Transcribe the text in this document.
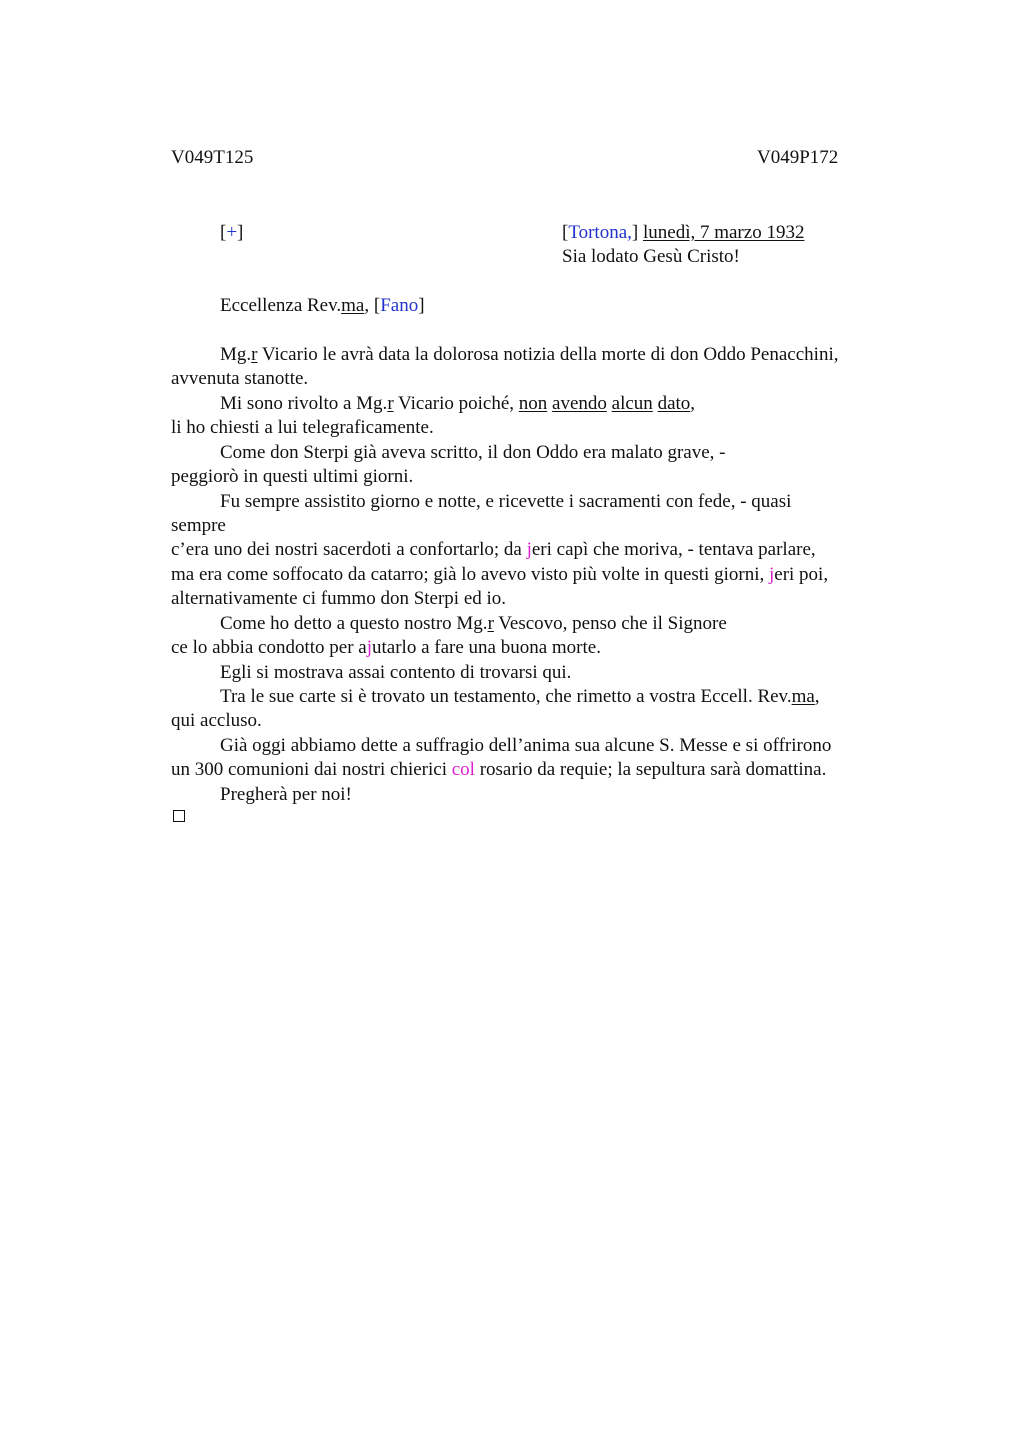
V049T125	V049P172
[+]	[Tortona,] lunedì, 7 marzo 1932
Sia lodato Gesù Cristo!
Eccellenza Rev.ma, [Fano]
Mg.r Vicario le avrà data la dolorosa notizia della morte di don Oddo Penacchini,
avvenuta stanotte.
Mi sono rivolto a Mg.r Vicario poiché, non avendo alcun dato,
li ho chiesti a lui telegraficamente.
Come don Sterpi già aveva scritto, il don Oddo era malato grave, -
peggiorò in questi ultimi giorni.
Fu sempre assistito giorno e notte, e ricevette i sacramenti con fede, - quasi
sempre
c’era uno dei nostri sacerdoti a confortarlo; da jeri capì che moriva, - tentava parlare,
ma era come soffocato da catarro; già lo avevo visto più volte in questi giorni, jeri poi,
alternativamente ci fummo don Sterpi ed io.
Come ho detto a questo nostro Mg.r Vescovo, penso che il Signore
ce lo abbia condotto per ajutarlo a fare una buona morte.
Egli si mostrava assai contento di trovarsi qui.
Tra le sue carte si è trovato un testamento, che rimetto a vostra Eccell. Rev.ma,
qui accluso.
Già oggi abbiamo dette a suffragio dell’anima sua alcune S. Messe e si offrirono
un 300 comunioni dai nostri chierici col rosario da requie; la sepultura sarà domattina.
Pregherà per noi!
